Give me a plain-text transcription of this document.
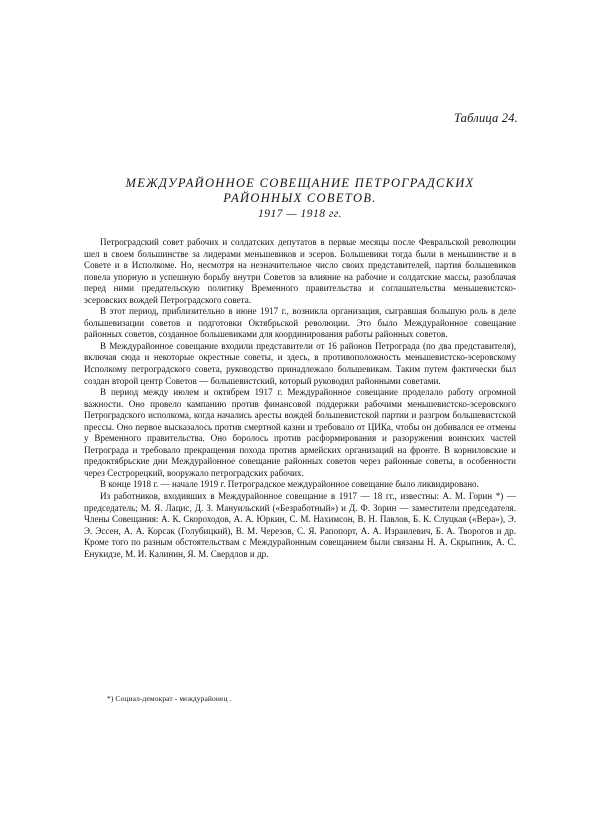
Таблица 24.
МЕЖДУРАЙОННОЕ СОВЕЩАНИЕ ПЕТРОГРАДСКИХ
РАЙОННЫХ СОВЕТОВ.
1917 — 1918 гг.

Петроградский совет рабочих и солдатских депутатов в первые месяцы после Февральской революции шел в своем большинстве за лидерами меньшевиков и эсеров. Большевики тогда были в меньшинстве и в Совете и в Исполкоме. Но, несмотря на незначительное число своих представителей, партия большевиков повела упорную и успешную борьбу внутри Советов за влияние на рабочие и солдатские массы, разоблачая перед ними предательскую политику Временного правительства и соглашательства меньшевистско-эсеровских вождей Петроградского совета.

В этот период, приблизительно в июне 1917 г., возникла организация, сыгравшая большую роль в деле большевизации советов и подготовки Октябрьской революции. Это было Междурайонное совещание районных советов, созданное большевиками для координирования работы районных советов.

В Междурайонное совещание входили представители от 16 районов Петрограда (по два представителя), включая сюда и некоторые окрестные советы, и здесь, в противоположность меньшевистско-эсеровскому Исполкому петроградского совета, руководство принадлежало большевикам. Таким путем фактически был создан второй центр Советов — большевистский, который руководил районными советами.

В период между июлем и октябрем 1917 г. Междурайонное совещание проделало работу огромной важности. Оно провело кампанию против финансовой поддержки рабочими меньшевистско-эсеровского Петроградского исполкома, когда начались аресты вождей большевистской партии и разгром большевистской прессы. Оно первое высказалось против смертной казни и требовало от ЦИКа, чтобы он добивался ее отмены у Временного правительства. Оно боролось против расформирования и разоружения воинских частей Петрограда и требовало прекращения похода против армейских организаций на фронте. В корниловские и предоктябрьские дни Междурайонное совещание районных советов через районные советы, в особенности через Сестрорецкий, вооружало петроградских рабочих.

В конце 1918 г. — начале 1919 г. Петроградское междурайонное совещание было ликвидировано.

Из работников, входивших в Междурайонное совещание в 1917 — 18 гг., известны: А. М. Горин *) — председатель; М. Я. Лацис, Д. З. Мануильский («Безработный») и Д. Ф. Зорин — заместители председателя. Члены Совещания: А. К. Скороходов, А. А. Юркин, С. М. Нахимсон, В. Н. Павлов, Б. К. Слуцкая («Вера»), Э. Э. Эссен, А. А. Корсак (Голубицкий), В. М. Черезов, С. Я. Рапопорт, А. А. Израилевич, Б. А. Творогов и др. Кроме того по разным обстоятельствам с Междурайонным совещанием были связаны Н. А. Скрыпник, А. С. Енукидзе, М. И. Калинин, Я. М. Свердлов и др.

*) Социал-демократ - междурайонец .
